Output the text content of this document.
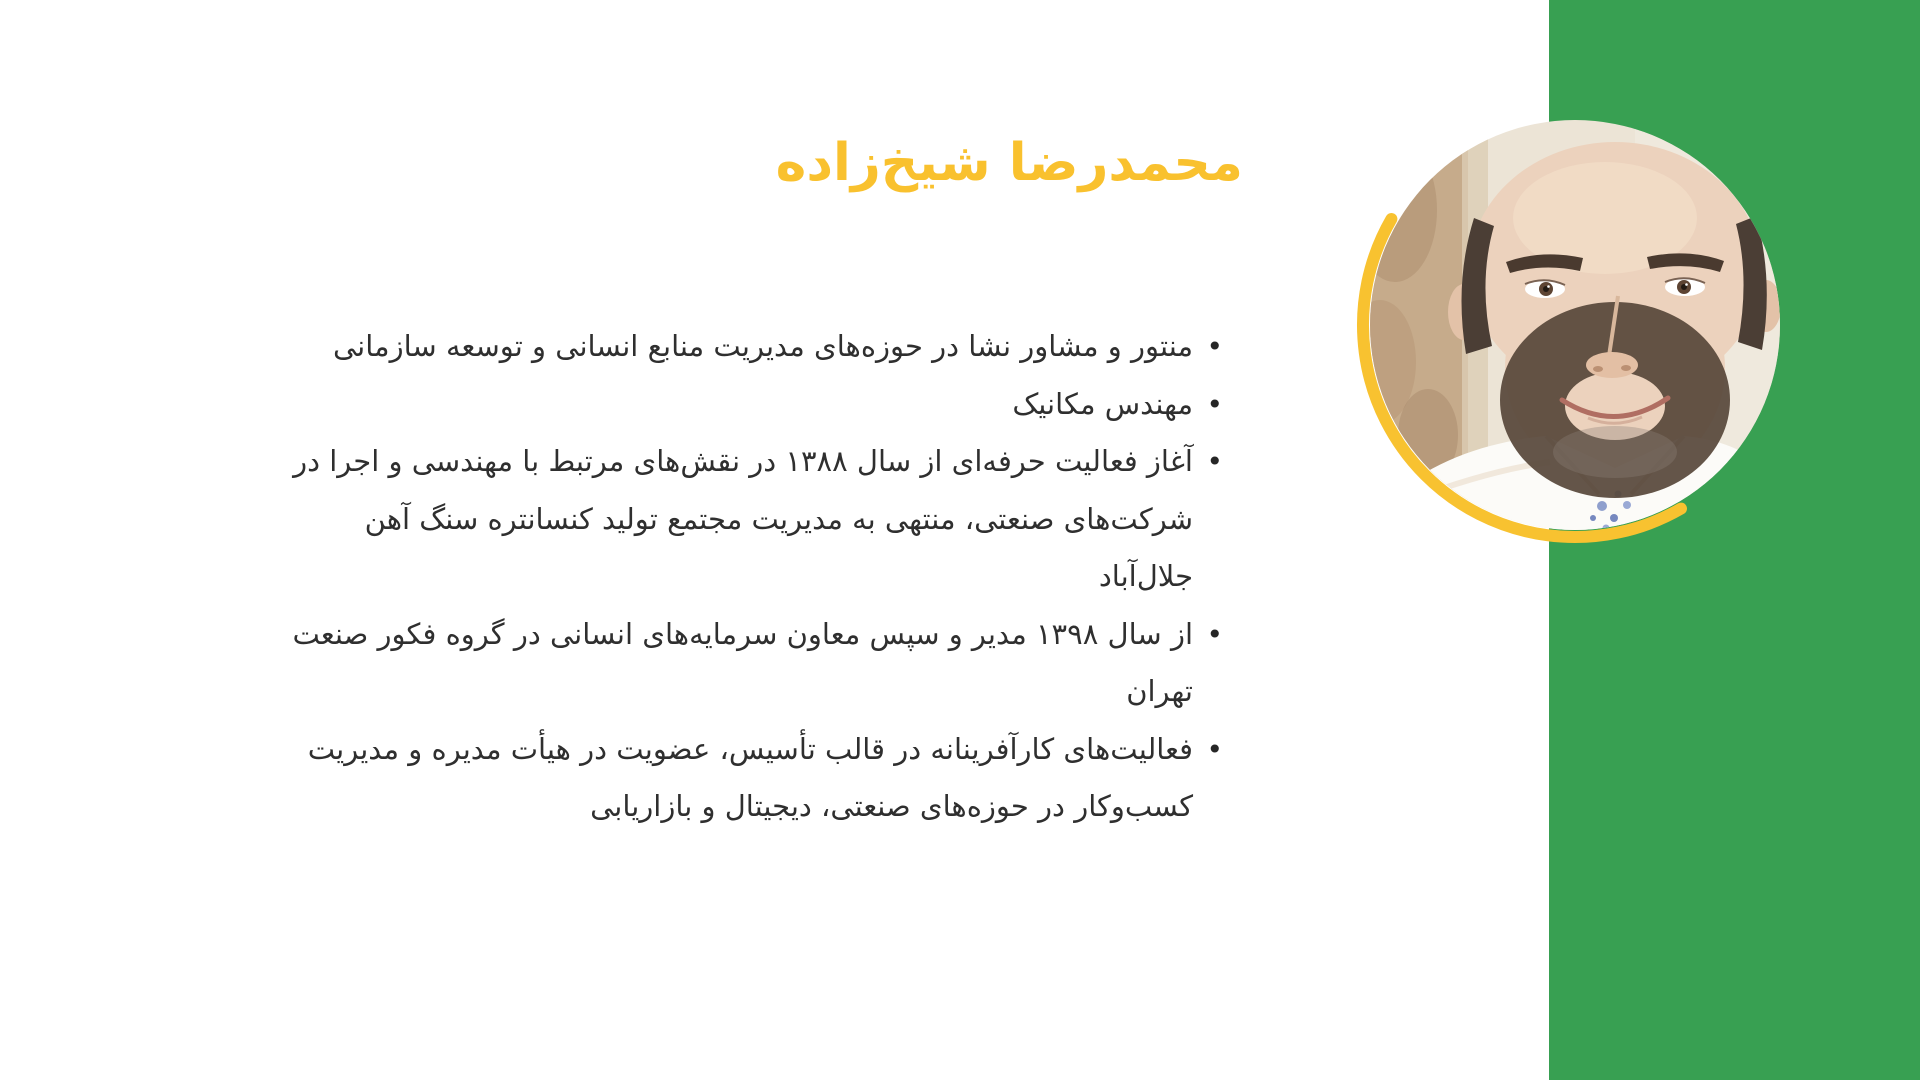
محمدرضا شیخ‌زاده
•
منتور و مشاور نشا در حوزه‌های مدیریت منابع انسانی و توسعه سازمانی
•
مهندس مکانیک
•
آغاز فعالیت حرفه‌ای از سال ۱۳۸۸ در نقش‌های مرتبط با مهندسی و اجرا در
شرکت‌های صنعتی، منتهی به مدیریت مجتمع تولید کنسانتره سنگ آهن
جلال‌آباد
•
از سال ۱۳۹۸ مدیر و سپس معاون سرمایه‌های انسانی در گروه فکور صنعت
تهران
•
فعالیت‌های کارآفرینانه در قالب تأسیس، عضویت در هیأت مدیره و مدیریت
کسب‌وکار در حوزه‌های صنعتی، دیجیتال و بازاریابی
